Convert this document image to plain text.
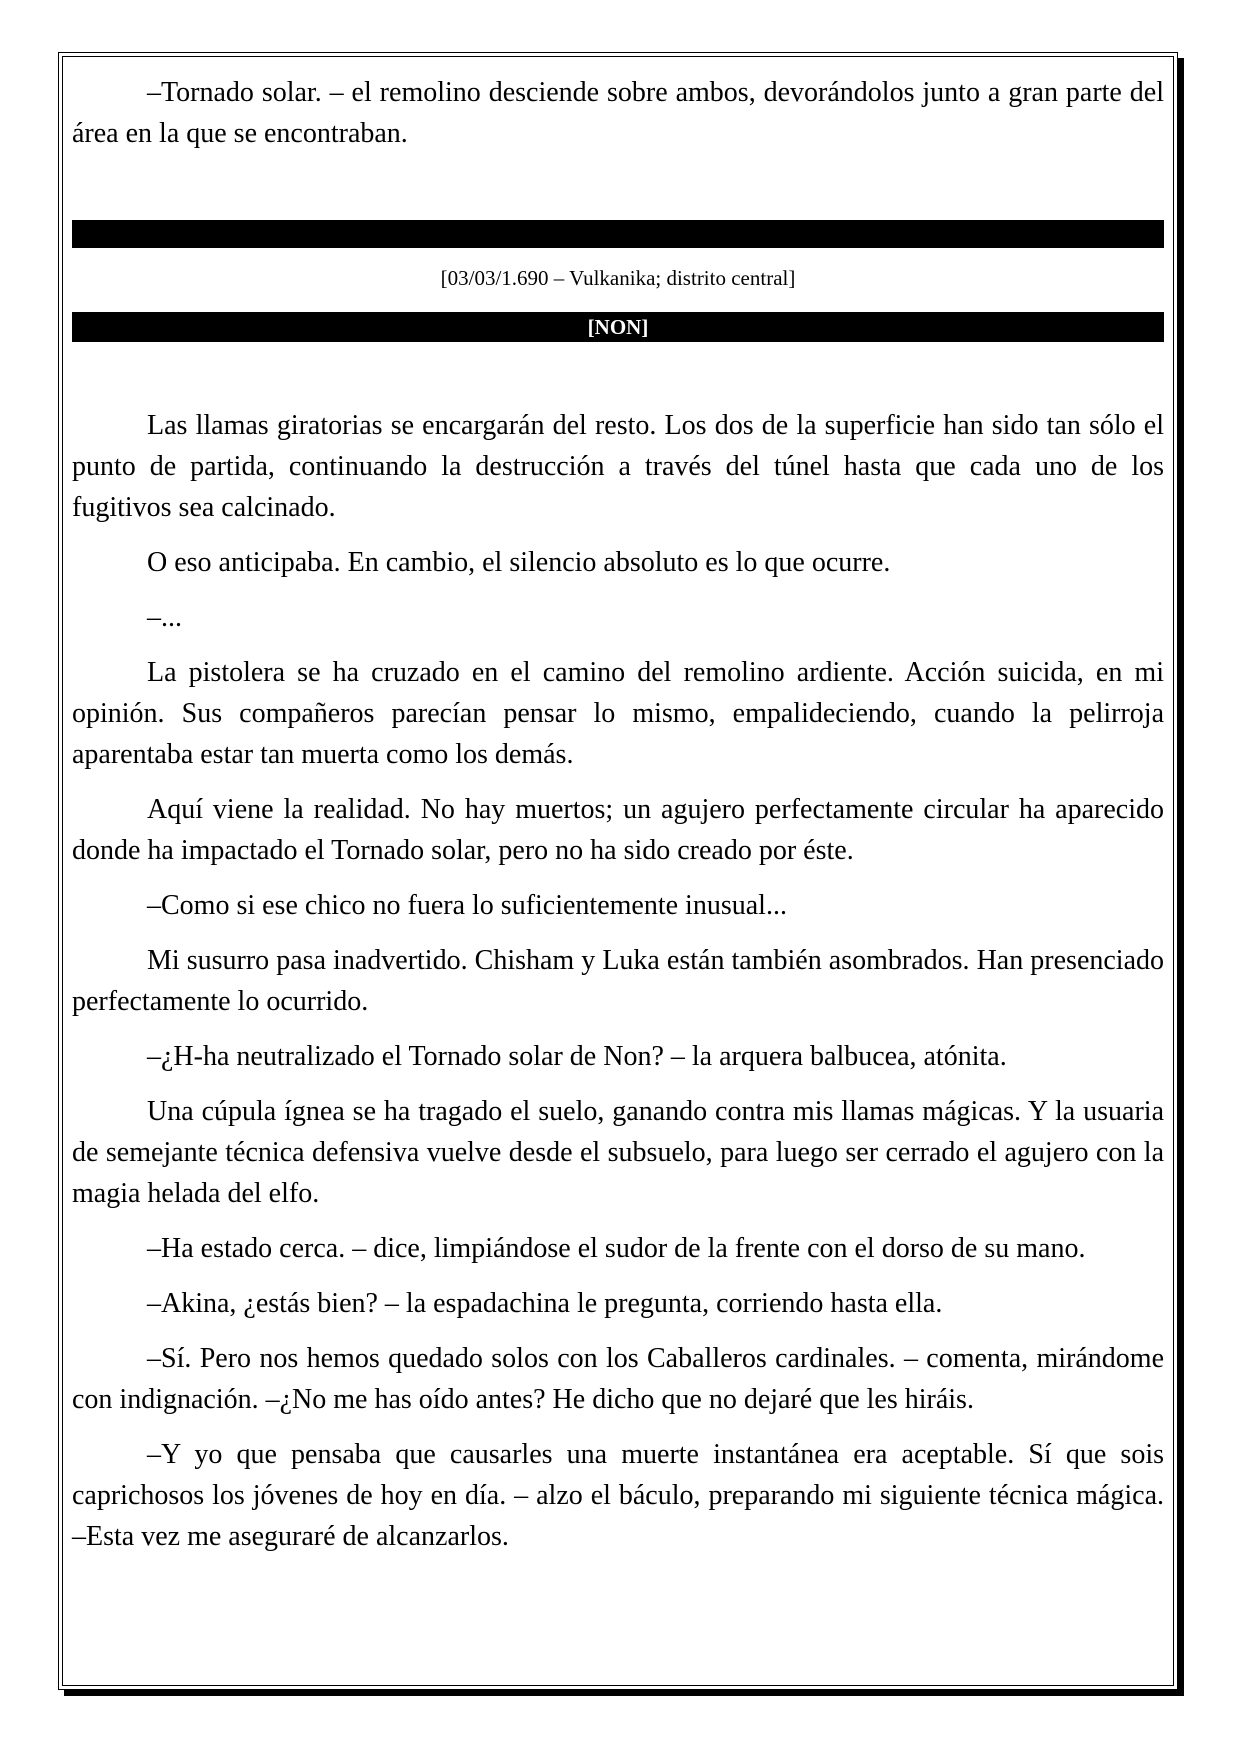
–Tornado solar. – el remolino desciende sobre ambos, devorándolos junto a gran parte del área en la que se encontraban.

[03/03/1.690 – Vulkanika; distrito central]
[NON]

Las llamas giratorias se encargarán del resto. Los dos de la superficie han sido tan sólo el punto de partida, continuando la destrucción a través del túnel hasta que cada uno de los fugitivos sea calcinado.

O eso anticipaba. En cambio, el silencio absoluto es lo que ocurre.

–...

La pistolera se ha cruzado en el camino del remolino ardiente. Acción suicida, en mi opinión. Sus compañeros parecían pensar lo mismo, empalideciendo, cuando la pelirroja aparentaba estar tan muerta como los demás.

Aquí viene la realidad. No hay muertos; un agujero perfectamente circular ha aparecido donde ha impactado el Tornado solar, pero no ha sido creado por éste.

–Como si ese chico no fuera lo suficientemente inusual...

Mi susurro pasa inadvertido. Chisham y Luka están también asombrados. Han presenciado perfectamente lo ocurrido.

–¿H-ha neutralizado el Tornado solar de Non? – la arquera balbucea, atónita.

Una cúpula ígnea se ha tragado el suelo, ganando contra mis llamas mágicas. Y la usuaria de semejante técnica defensiva vuelve desde el subsuelo, para luego ser cerrado el agujero con la magia helada del elfo.

–Ha estado cerca. – dice, limpiándose el sudor de la frente con el dorso de su mano.

–Akina, ¿estás bien? – la espadachina le pregunta, corriendo hasta ella.

–Sí. Pero nos hemos quedado solos con los Caballeros cardinales. – comenta, mirándome con indignación. –¿No me has oído antes? He dicho que no dejaré que les hiráis.

–Y yo que pensaba que causarles una muerte instantánea era aceptable. Sí que sois caprichosos los jóvenes de hoy en día. – alzo el báculo, preparando mi siguiente técnica mágica. –Esta vez me aseguraré de alcanzarlos.
